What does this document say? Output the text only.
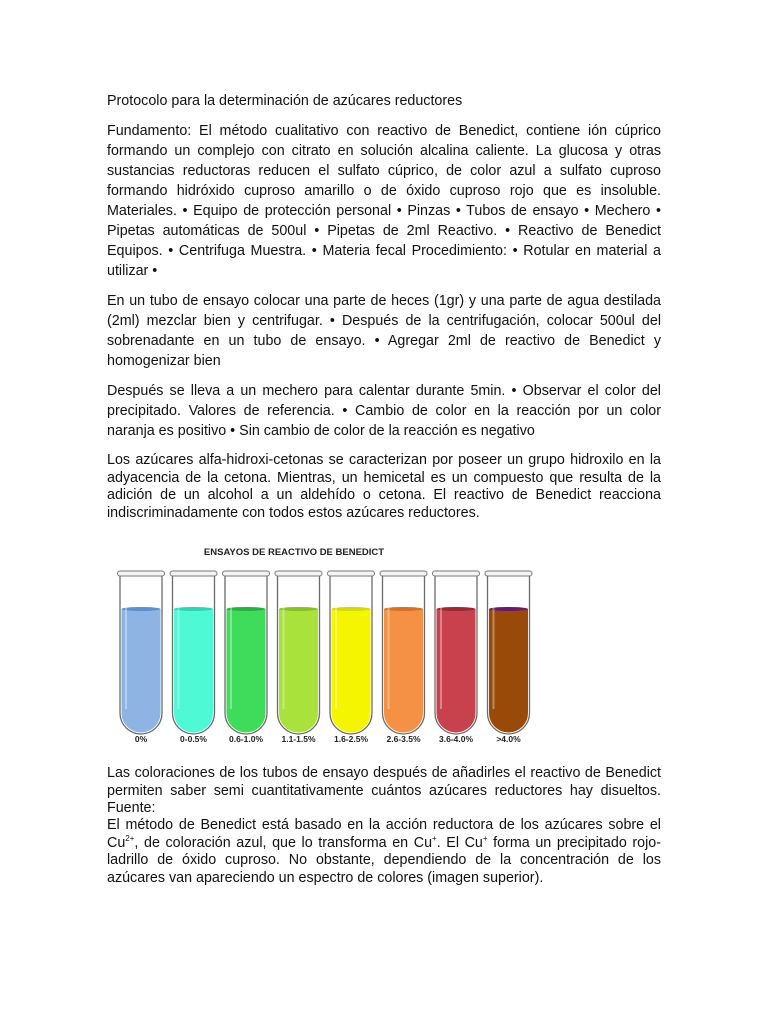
Protocolo para la determinación de azúcares reductores

Fundamento: El método cualitativo con reactivo de Benedict, contiene ión cúprico formando un complejo con citrato en solución alcalina caliente. La glucosa y otras sustancias reductoras reducen el sulfato cúprico, de color azul a sulfato cuproso formando hidróxido cuproso amarillo o de óxido cuproso rojo que es insoluble. Materiales. • Equipo de protección personal • Pinzas • Tubos de ensayo • Mechero • Pipetas automáticas de 500ul • Pipetas de 2ml Reactivo. • Reactivo de Benedict Equipos. • Centrifuga Muestra. • Materia fecal Procedimiento: • Rotular en material a utilizar •

En un tubo de ensayo colocar una parte de heces (1gr) y una parte de agua destilada (2ml) mezclar bien y centrifugar. • Después de la centrifugación, colocar 500ul del sobrenadante en un tubo de ensayo. • Agregar 2ml de reactivo de Benedict y homogenizar bien

Después se lleva a un mechero para calentar durante 5min. • Observar el color del precipitado. Valores de referencia. • Cambio de color en la reacción por un color naranja es positivo • Sin cambio de color de la reacción es negativo

Los azúcares alfa-hidroxi-cetonas se caracterizan por poseer un grupo hidroxilo en la adyacencia de la cetona. Mientras, un hemicetal es un compuesto que resulta de la adición de un alcohol a un aldehído o cetona. El reactivo de Benedict reacciona indiscriminadamente con todos estos azúcares reductores.

ENSAYOS DE REACTIVO DE BENEDICT
0%	0-0.5%	0.6-1.0% 1.1-1.5% 1.6-2.5% 2.6-3.5% 3.6-4.0%	>4.0%

Las coloraciones de los tubos de ensayo después de añadirles el reactivo de Benedict permiten saber semi cuantitativamente cuántos azúcares reductores hay disueltos. Fuente:

El método de Benedict está basado en la acción reductora de los azúcares sobre el $Cu^{2+}$, de coloración azul, que lo transforma en Cu+. El Cu+ forma un precipitado rojo-ladrillo de óxido cuproso. No obstante, dependiendo de la concentración de los azúcares van apareciendo un espectro de colores (imagen superior).
